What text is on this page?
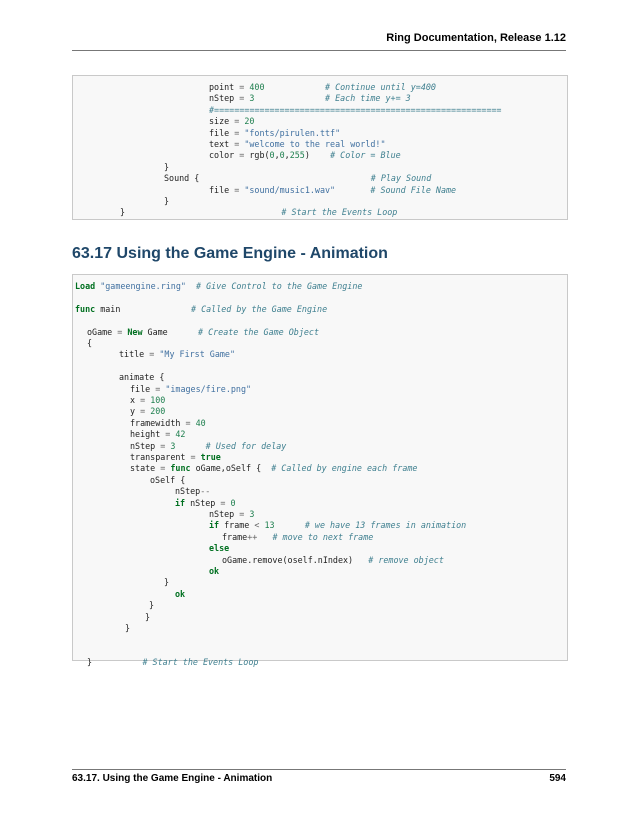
Ring Documentation, Release 1.12
point = 400	# Continue until y=400
nStep = 3	# Each time y+= 3
#=========================================================
size = 20
file = "fonts/pirulen.ttf"
text = "welcome to the real world!"
color = rgb(0,0,255)    # Color = Blue
}
Sound {	# Play Sound
file = "sound/music1.wav"	# Sound File Name
}
}	# Start the Events Loop
63.17 Using the Game Engine - Animation
Load "gameengine.ring" # Give Control to the Game Engine
func main	# Called by the Game Engine
oGame = New Game	# Create the Game Object
{
title = "My First Game"
animate {
file = "images/fire.png"
x = 100
y = 200
framewidth = 40
height = 42
nStep = 3	# Used for delay
transparent = true
state = func oGame,oSelf {  # Called by engine each frame
oSelf {
nStep--
if nStep = 0
nStep = 3
if frame < 13	# we have 13 frames in animation
frame++ # move to next frame
else
oGame.remove(oself.nIndex) # remove object
ok
}
ok
}
}
}
}	# Start the Events Loop
63.17. Using the Game Engine - Animation	594
